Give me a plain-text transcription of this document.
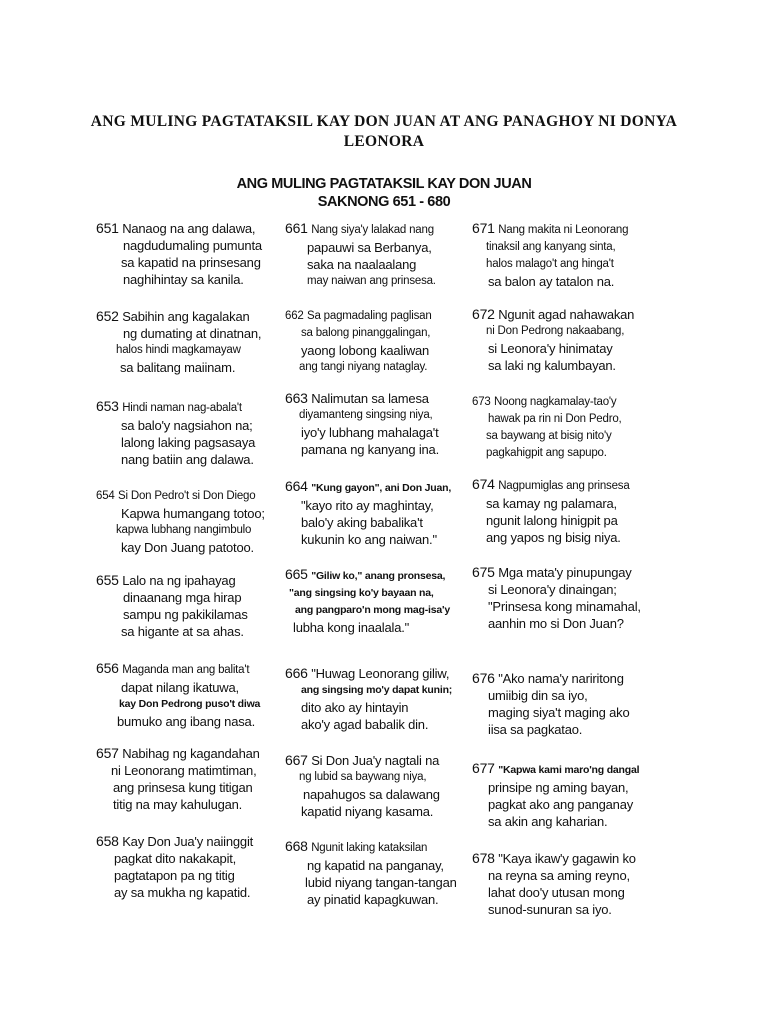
ANG MULING PAGTATAKSIL KAY DON JUAN AT ANG PANAGHOY NI DONYA LEONORA
ANG MULING PAGTATAKSIL KAY DON JUAN
SAKNONG 651 - 680
651 Nanaog na ang dalawa,
nagdudumaling pumunta
sa kapatid na prinsesang
naghihintay sa kanila.
652 Sabihin ang kagalakan
ng dumating at dinatnan,
halos hindi magkamayaw
sa balitang maiinam.
653 Hindi naman nag-abala't
sa balo'y nagsiahon na;
lalong laking pagsasaya
nang batiin ang dalawa.
654 Si Don Pedro't si Don Diego
Kapwa humangang totoo;
kapwa lubhang nangimbulo
kay Don Juang patotoo.
655 Lalo na ng ipahayag
dinaanang mga hirap
sampu ng pakikilamas
sa higante at sa ahas.
656 Maganda man ang balita't
dapat nilang ikatuwa,
kay Don Pedrong puso't diwa
bumuko ang ibang nasa.
657 Nabihag ng kagandahan
ni Leonorang matimtiman,
ang prinsesa kung titigan
titig na may kahulugan.
658 Kay Don Jua'y naiinggit
pagkat dito nakakapit,
pagtatapon pa ng titig
ay sa mukha ng kapatid.
661 Nang siya'y lalakad nang
papauwi sa Berbanya,
saka na naalaalang
may naiwan ang prinsesa.
662 Sa pagmadaling paglisan
sa balong pinanggalingan,
yaong lobong kaaliwan
ang tangi niyang nataglay.
663 Nalimutan sa lamesa
diyamanteng singsing niya,
iyo'y lubhang mahalaga't
pamana ng kanyang ina.
664 "Kung gayon", ani Don Juan,
"kayo rito ay maghintay,
balo'y aking babalika't
kukunin ko ang naiwan."
665 "Giliw ko," anang pronsesa,
"ang singsing ko'y bayaan na,
ang pangparo'n mong mag-isa'y
lubha kong inaalala."
666 "Huwag Leonorang giliw,
ang singsing mo'y dapat kunin;
dito ako ay hintayin
ako'y agad babalik din.
667 Si Don Jua'y nagtali na
ng lubid sa baywang niya,
napahugos sa dalawang
kapatid niyang kasama.
668 Ngunit laking kataksilan
ng kapatid na panganay,
lubid niyang tangan-tangan
ay pinatid kapagkuwan.
671 Nang makita ni Leonorang
tinaksil ang kanyang sinta,
halos malago't ang hinga't
sa balon ay tatalon na.
672 Ngunit agad nahawakan
ni Don Pedrong nakaabang,
si Leonora'y hinimatay
sa laki ng kalumbayan.
673 Noong nagkamalay-tao'y
hawak pa rin ni Don Pedro,
sa baywang at bisig nito'y
pagkahigpit ang sapupo.
674 Nagpumiglas ang prinsesa
sa kamay ng palamara,
ngunit lalong hinigpit pa
ang yapos ng bisig niya.
675 Mga mata'y pinupungay
si Leonora'y dinaingan;
"Prinsesa kong minamahal,
aanhin mo si Don Juan?
676 "Ako nama'y nariritong
umiibig din sa iyo,
maging siya't maging ako
iisa sa pagkatao.
677 "Kapwa kami maro'ng dangal
prinsipe ng aming bayan,
pagkat ako ang panganay
sa akin ang kaharian.
678 "Kaya ikaw'y gagawin ko
na reyna sa aming reyno,
lahat doo'y utusan mong
sunod-sunuran sa iyo.
